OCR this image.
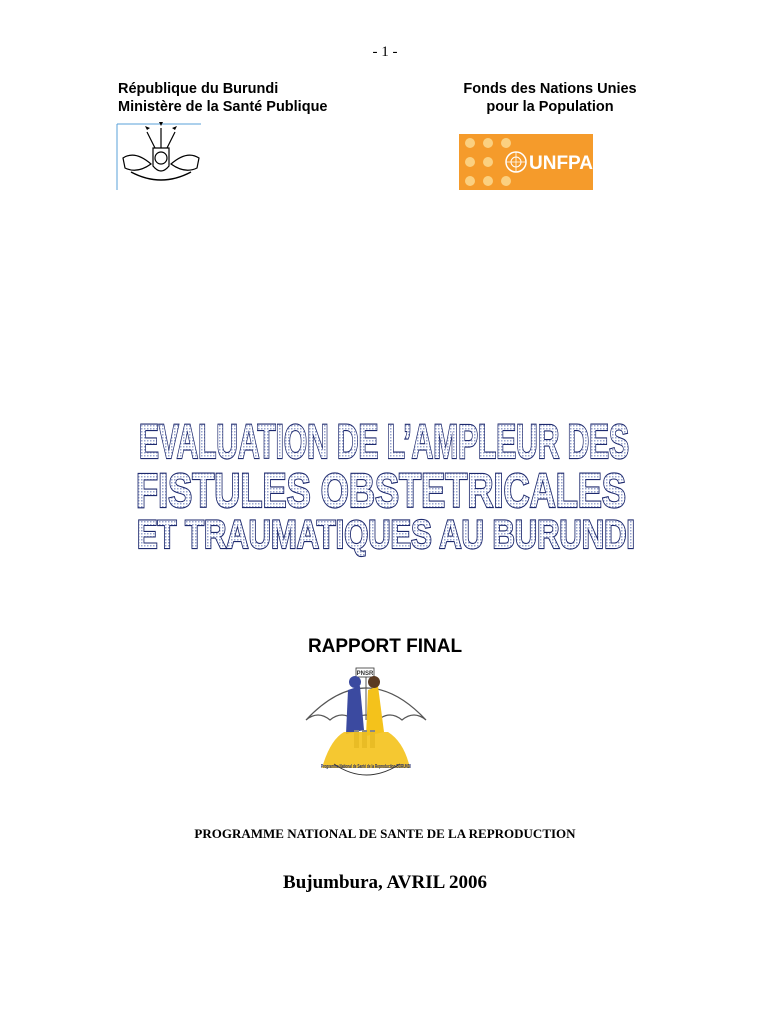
- 1 -
République du Burundi
Ministère de la Santé Publique
Fonds des Nations Unies
pour la Population
UNFPA
EVALUATION DE L’AMPLEUR DES
FISTULES OBSTETRICALES
ET TRAUMATIQUES AU BURUNDI
RAPPORT FINAL
PNSR
Programme National de Santé de la Reproduction BURUNDI
PROGRAMME NATIONAL DE SANTE DE LA REPRODUCTION
Bujumbura, AVRIL 2006
